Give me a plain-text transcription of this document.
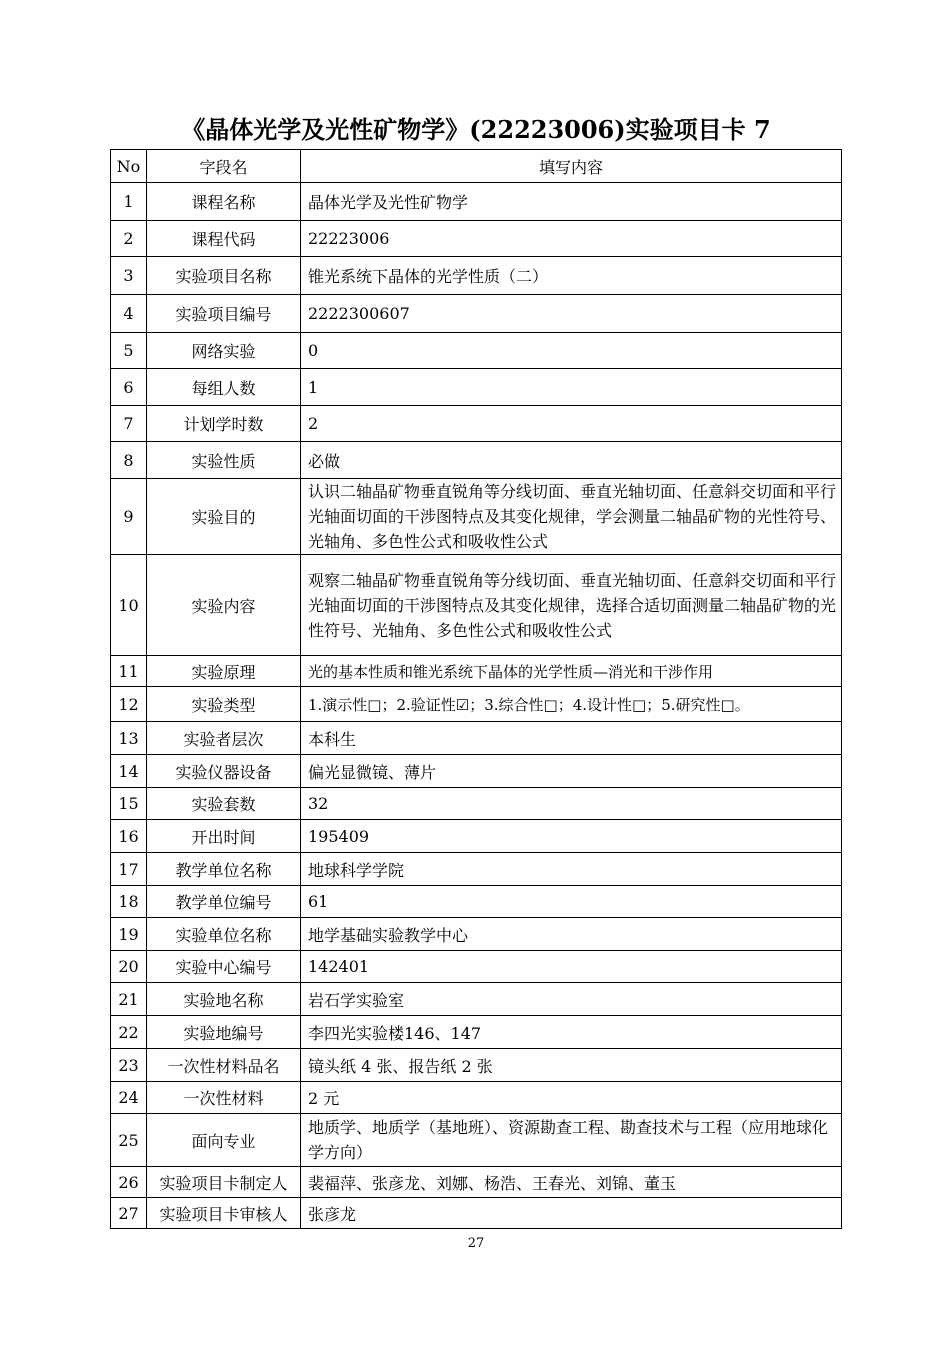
《晶体光学及光性矿物学》(22223006)实验项目卡 7
No	字段名	填写内容
1	课程名称	晶体光学及光性矿物学
2	课程代码	22223006
3	实验项目名称	锥光系统下晶体的光学性质（二）
4	实验项目编号	2222300607
5	网络实验	0
6	每组人数	1
7	计划学时数	2
8	实验性质	必做
9	实验目的	认识二轴晶矿物垂直锐角等分线切面、垂直光轴切面、任意斜交切面和平行光轴面切面的干涉图特点及其变化规律，学会测量二轴晶矿物的光性符号、光轴角、多色性公式和吸收性公式
10	实验内容	观察二轴晶矿物垂直锐角等分线切面、垂直光轴切面、任意斜交切面和平行光轴面切面的干涉图特点及其变化规律，选择合适切面测量二轴晶矿物的光性符号、光轴角、多色性公式和吸收性公式
11	实验原理	光的基本性质和锥光系统下晶体的光学性质—消光和干涉作用
12	实验类型	1.演示性□；2.验证性☑；3.综合性□；4.设计性□；5.研究性□。
13	实验者层次	本科生
14	实验仪器设备	偏光显微镜、薄片
15	实验套数	32
16	开出时间	195409
17	教学单位名称	地球科学学院
18	教学单位编号	61
19	实验单位名称	地学基础实验教学中心
20	实验中心编号	142401
21	实验地名称	岩石学实验室
22	实验地编号	李四光实验楼146、147
23	一次性材料品名	镜头纸 4 张、报告纸 2 张
24	一次性材料	2 元
25	面向专业	地质学、地质学（基地班）、资源勘查工程、勘查技术与工程（应用地球化学方向）
26	实验项目卡制定人	裴福萍、张彦龙、刘娜、杨浩、王春光、刘锦、董玉
27	实验项目卡审核人	张彦龙
27
